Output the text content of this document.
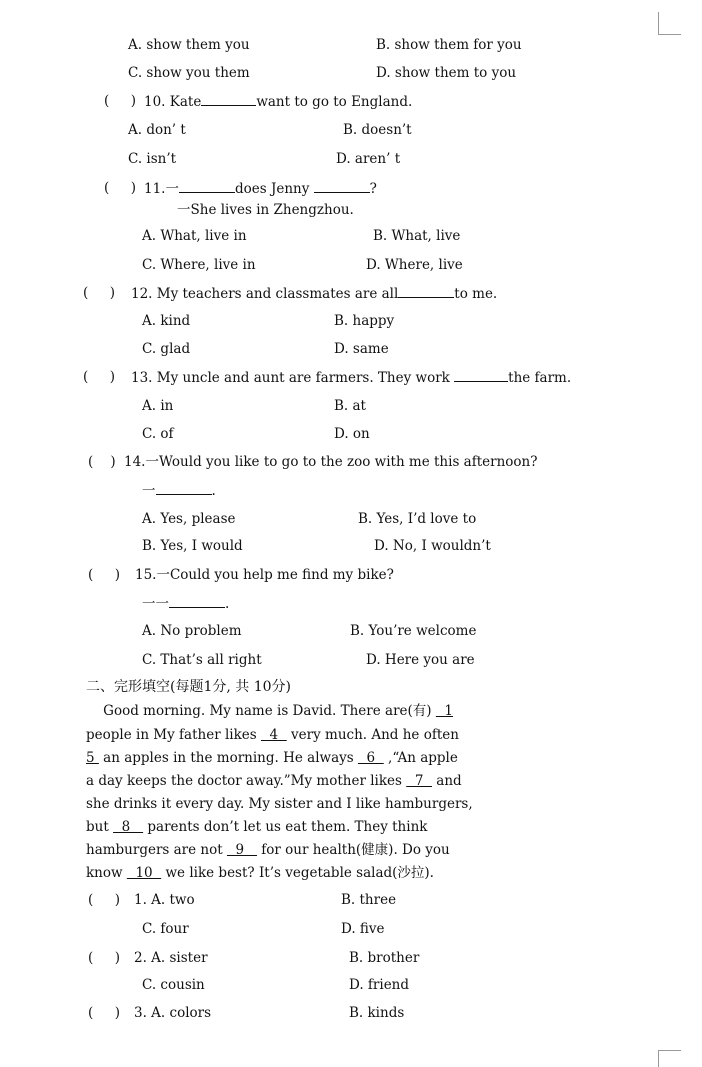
A. show them you	B. show them for you
C. show you them	D. show them to you
(     ) 10. Kate	want to go to England.
A. don’ t	B. doesn’t
C. isn’t	D. aren’ t
(     ) 11.一	does Jenny	?
一She lives in Zhengzhou.
A. What, live in	B. What, live
C. Where, live in	D. Where, live
(     ) 12. My teachers and classmates are all	to me.
A. kind	B. happy
C. glad	D. same
(     ) 13. My uncle and aunt are farmers. They work	the farm.
A. in	B. at
C. of	D. on
(    ) 14.一Would you like to go to the zoo with me this afternoon?
一	.
A. Yes, please	B. Yes, I’d love to
B. Yes, I would	D. No, I wouldn’t
(     ) 15.一Could you help me find my bike?
一一	.
A. No problem	B. You’re welcome
C. That’s all right	D. Here you are
二、完形填空(每题1分, 共 10分)
Good morning. My name is David. There are(有)   1
people in My father likes   4   very much. And he often
5  an apples in the morning. He always   6   ,“An apple
a day keeps the doctor away.”My mother likes   7   and
she drinks it every day. My sister and I like hamburgers,
but   8    parents don’t let us eat them. They think
hamburgers are not   9    for our health(健康). Do you
know   10   we like best? It’s vegetable salad(沙拉).
(     ) 1. A. two	B. three
C. four	D. five
(     ) 2. A. sister	B. brother
C. cousin	D. friend
(     ) 3. A. colors	B. kinds
